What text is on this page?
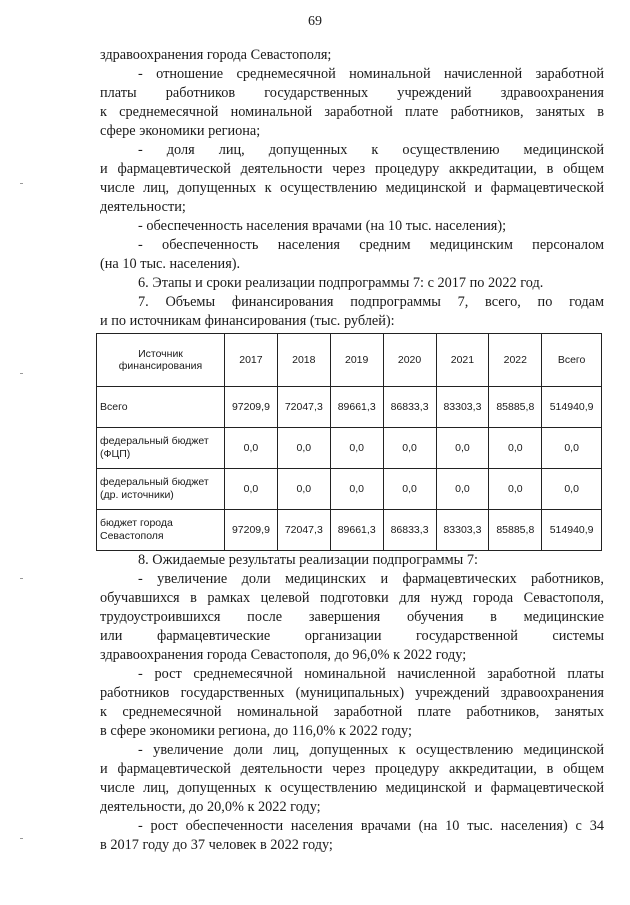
69

здравоохранения города Севастополя;

- отношение среднемесячной номинальной начисленной заработной

платы работников государственных учреждений здравоохранения

к среднемесячной номинальной заработной плате работников, занятых в

сфере экономики региона;

- доля лиц, допущенных к осуществлению медицинской

и фармацевтической деятельности через процедуру аккредитации, в общем

числе лиц, допущенных к осуществлению медицинской и фармацевтической

деятельности;

- обеспеченность населения врачами (на 10 тыс. населения);

- обеспеченность населения средним медицинским персоналом

(на 10 тыс. населения).

6. Этапы и сроки реализации подпрограммы 7: с 2017 по 2022 год.

7. Объемы финансирования подпрограммы 7, всего, по годам

и по источникам финансирования (тыс. рублей):

Источник
финансирования	2017	2018	2019	2020	2021	2022	Всего
Всего	97209,9	72047,3	89661,3	86833,3	83303,3	85885,8	514940,9
федеральный бюджет
(ФЦП)	0,0	0,0	0,0	0,0	0,0	0,0	0,0
федеральный бюджет
(др. источники)	0,0	0,0	0,0	0,0	0,0	0,0	0,0
бюджет города
Севастополя	97209,9	72047,3	89661,3	86833,3	83303,3	85885,8	514940,9

8. Ожидаемые результаты реализации подпрограммы 7:

- увеличение доли медицинских и фармацевтических работников,

обучавшихся в рамках целевой подготовки для нужд города Севастополя,

трудоустроившихся после завершения обучения в медицинские

или фармацевтические организации государственной системы

здравоохранения города Севастополя, до 96,0% к 2022 году;

- рост среднемесячной номинальной начисленной заработной платы

работников государственных (муниципальных) учреждений здравоохранения

к среднемесячной номинальной заработной плате работников, занятых

в сфере экономики региона, до 116,0% к 2022 году;

- увеличение доли лиц, допущенных к осуществлению медицинской

и фармацевтической деятельности через процедуру аккредитации, в общем

числе лиц, допущенных к осуществлению медицинской и фармацевтической

деятельности, до 20,0% к 2022 году;

- рост обеспеченности населения врачами (на 10 тыс. населения) с 34

в 2017 году до 37 человек в 2022 году;
